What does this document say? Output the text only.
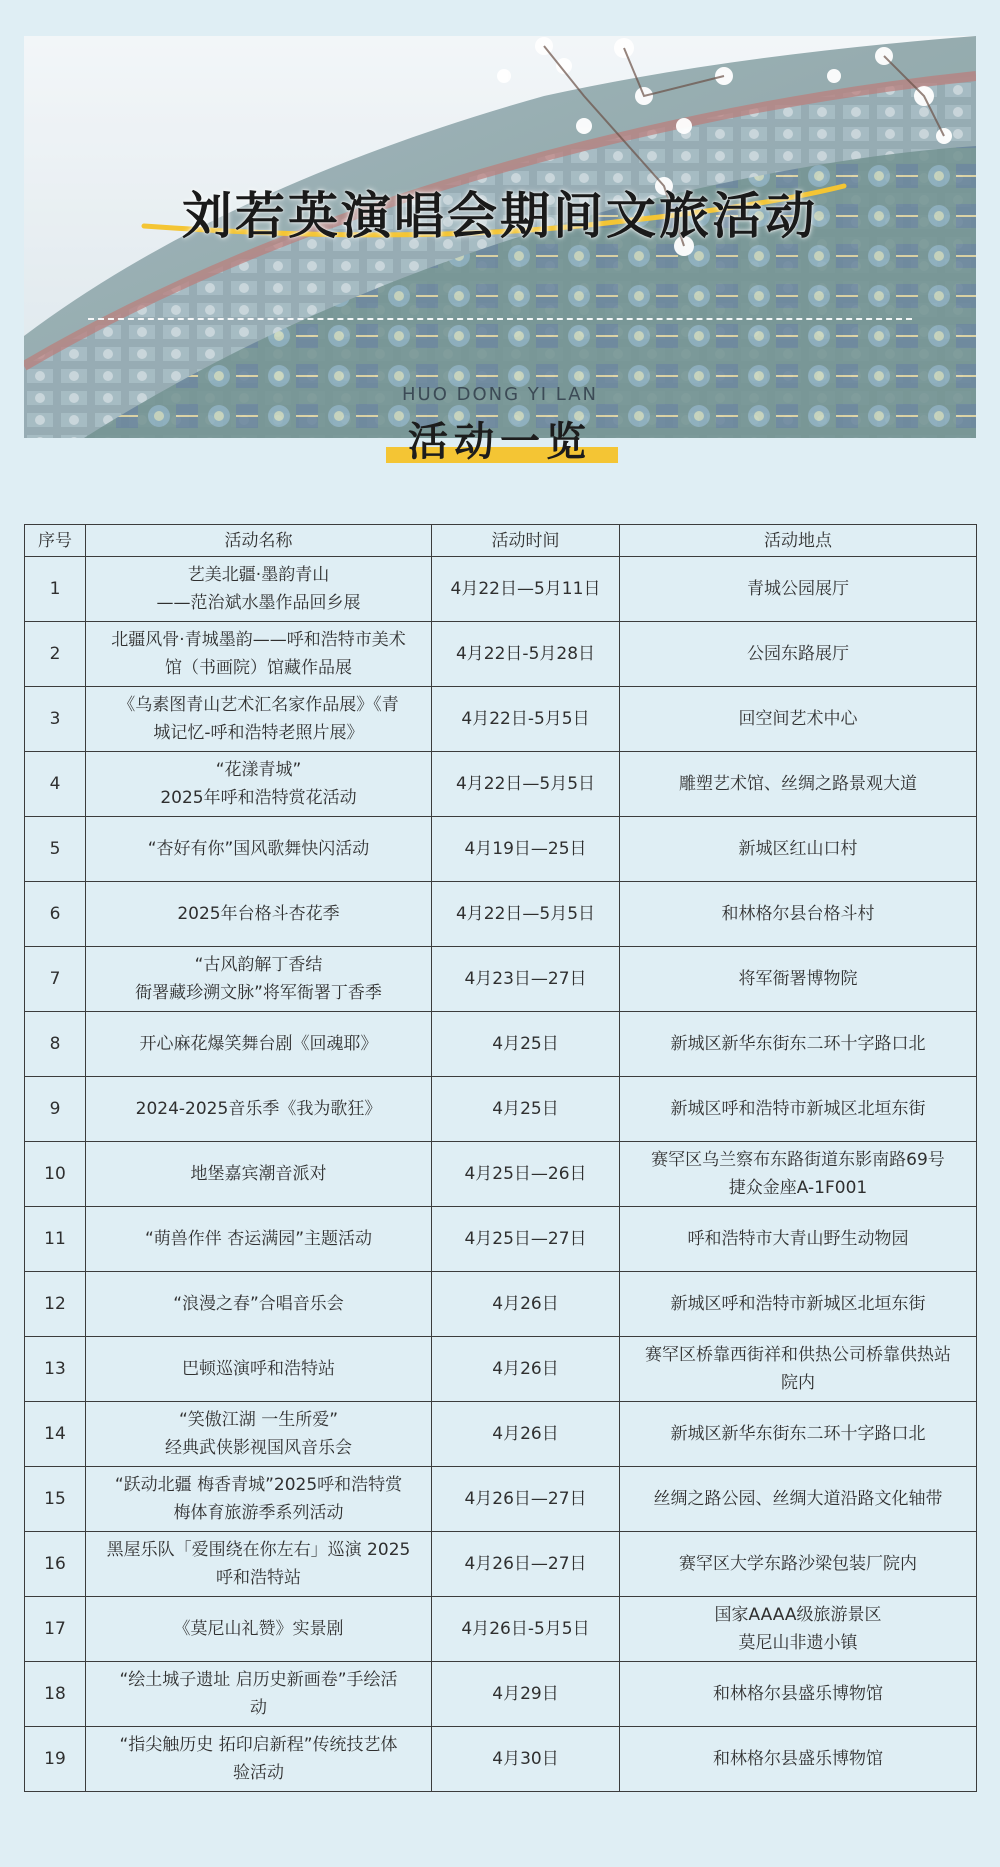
刘若英演唱会期间文旅活动
HUO DONG YI LAN
活动一览
序号	活动名称	活动时间	活动地点
1	艺美北疆·墨韵青山
——范治斌水墨作品回乡展	4月22日—5月11日	青城公园展厅

2	北疆风骨·青城墨韵——呼和浩特市美术
馆（书画院）馆藏作品展	4月22日-5月28日	公园东路展厅

3	《乌素图青山艺术汇名家作品展》《青
城记忆-呼和浩特老照片展》	4月22日-5月5日	回空间艺术中心

4	“花漾青城”
2025年呼和浩特赏花活动	4月22日—5月5日	雕塑艺术馆、丝绸之路景观大道

5	“杏好有你”国风歌舞快闪活动	4月19日—25日	新城区红山口村

6	2025年台格斗杏花季	4月22日—5月5日	和林格尔县台格斗村

7	“古风韵解丁香结
衙署藏珍溯文脉”将军衙署丁香季	4月23日—27日	将军衙署博物院

8	开心麻花爆笑舞台剧《回魂耶》	4月25日	新城区新华东街东二环十字路口北

9	2024-2025音乐季《我为歌狂》	4月25日	新城区呼和浩特市新城区北垣东街

10	地堡嘉宾潮音派对	4月25日—26日	赛罕区乌兰察布东路街道东影南路69号
捷众金座A-1F001

11	“萌兽作伴 杏运满园”主题活动	4月25日—27日	呼和浩特市大青山野生动物园

12	“浪漫之春”合唱音乐会	4月26日	新城区呼和浩特市新城区北垣东街

13	巴顿巡演呼和浩特站	4月26日	赛罕区桥靠西街祥和供热公司桥靠供热站
院内

14	“笑傲江湖 一生所爱”
经典武侠影视国风音乐会	4月26日	新城区新华东街东二环十字路口北

15	“跃动北疆 梅香青城”2025呼和浩特赏
梅体育旅游季系列活动	4月26日—27日	丝绸之路公园、丝绸大道沿路文化轴带

16	黑屋乐队「爱围绕在你左右」巡演 2025
呼和浩特站	4月26日—27日	赛罕区大学东路沙梁包装厂院内

17	《莫尼山礼赞》实景剧	4月26日-5月5日	国家AAAA级旅游景区
莫尼山非遗小镇

18	“绘土城子遗址 启历史新画卷”手绘活
动	4月29日	和林格尔县盛乐博物馆

19	“指尖触历史 拓印启新程”传统技艺体
验活动	4月30日	和林格尔县盛乐博物馆
